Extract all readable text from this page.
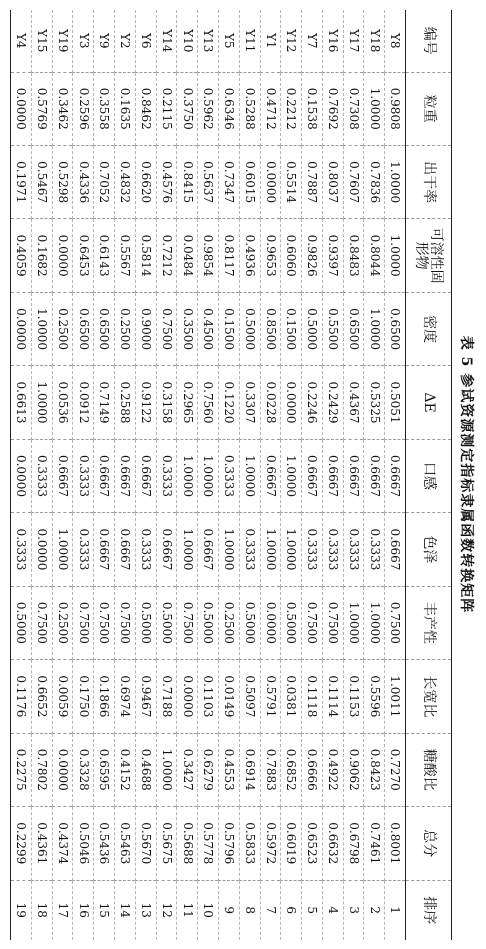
表 5 参试资源测定指标隶属函数转换矩阵
编号	粒重	出干率	可溶性固形物	密度	ΔE	口感	色泽	丰产性	长宽比	糖酸比	总分	排序
Y8	0.9808	1.0000	1.0000	0.6500	0.5051	0.6667	0.6667	0.7500	1.0011	0.7270	0.8001	1
Y18	1.0000	0.7836	0.8044	1.0000	0.5325	0.6667	0.3333	1.0000	0.5596	0.8423	0.7461	2
Y17	0.7308	0.7607	0.8483	0.6500	0.4367	0.6667	0.3333	1.0000	0.1153	0.9062	0.6798	3
Y16	0.7692	0.8037	0.9397	0.5500	0.2429	0.6667	0.3333	0.7500	0.1114	0.4922	0.6632	4
Y7	0.1538	0.7887	0.9826	0.5000	0.2246	0.6667	0.3333	0.7500	0.1118	0.6666	0.6523	5
Y12	0.2212	0.5514	0.6060	0.1500	0.0000	1.0000	1.0000	0.5000	0.0381	0.6852	0.6019	6
Y1	0.4712	0.0000	0.9653	0.8500	0.0228	0.6667	1.0000	0.0000	0.5791	0.7883	0.5972	7
Y11	0.5288	0.6015	0.4936	0.5000	0.3307	1.0000	0.3333	0.5000	0.5097	0.6914	0.5833	8
Y5	0.6346	0.7347	0.8117	0.1500	0.1220	0.3333	1.0000	0.2500	0.0149	0.4553	0.5796	9
Y13	0.5962	0.5637	0.9854	0.4500	0.7560	1.0000	0.6667	0.5000	0.1103	0.6279	0.5778	10
Y10	0.3750	0.8415	0.0484	0.3500	0.2965	1.0000	1.0000	0.7500	0.0000	0.3427	0.5688	11
Y14	0.2115	0.4576	0.7212	0.7500	0.3158	0.3333	0.6667	0.5000	0.7188	1.0000	0.5675	12
Y6	0.8462	0.6620	0.5814	0.9000	0.9122	0.6667	0.3333	0.5000	0.9467	0.4688	0.5670	13
Y2	0.1635	0.4832	0.5567	0.2500	0.2588	0.6667	0.6667	0.7500	0.6974	0.4152	0.5463	14
Y9	0.3558	0.7052	0.6143	0.6500	0.7149	0.6667	0.6667	0.7500	0.1866	0.6595	0.5436	15
Y3	0.2596	0.4336	0.6453	0.6500	0.0912	0.3333	0.3333	0.7500	0.1750	0.3328	0.5046	16
Y19	0.3462	0.5298	0.0000	0.2500	0.0536	0.6667	1.0000	0.2500	0.0059	0.0000	0.4374	17
Y15	0.5769	0.5467	0.1682	1.0000	1.0000	0.3333	0.0000	0.7500	0.6652	0.7802	0.4361	18
Y4	0.0000	0.1971	0.4059	0.0000	0.6613	0.0000	0.3333	0.5000	0.1176	0.2275	0.2299	19
